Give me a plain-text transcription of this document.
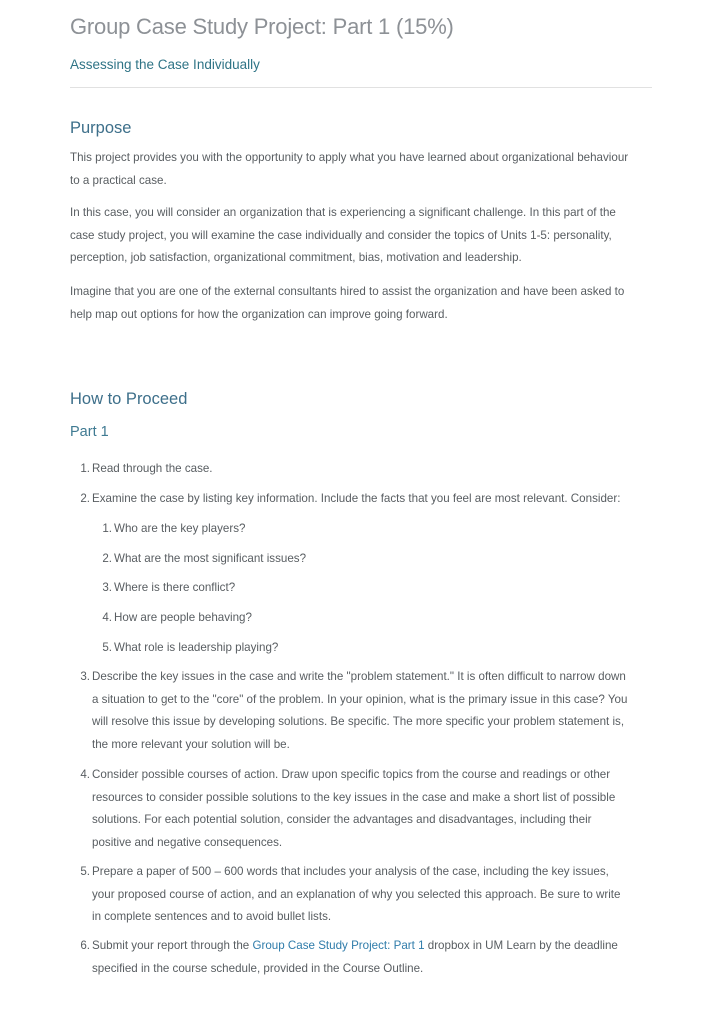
Group Case Study Project: Part 1 (15%)
Assessing the Case Individually
Purpose

This project provides you with the opportunity to apply what you have learned about organizational behaviour to a practical case.

In this case, you will consider an organization that is experiencing a significant challenge. In this part of the case study project, you will examine the case individually and consider the topics of Units 1-5: personality, perception, job satisfaction, organizational commitment, bias, motivation and leadership.

Imagine that you are one of the external consultants hired to assist the organization and have been asked to help map out options for how the organization can improve going forward.

How to Proceed
Part 1
1. Read through the case.
2. Examine the case by listing key information. Include the facts that you feel are most relevant. Consider:
1. Who are the key players?
2. What are the most significant issues?
3. Where is there conflict?
4. How are people behaving?
5. What role is leadership playing?
3. Describe the key issues in the case and write the "problem statement." It is often difficult to narrow down a situation to get to the "core" of the problem. In your opinion, what is the primary issue in this case? You will resolve this issue by developing solutions. Be specific. The more specific your problem statement is, the more relevant your solution will be.
4. Consider possible courses of action. Draw upon specific topics from the course and readings or other resources to consider possible solutions to the key issues in the case and make a short list of possible solutions. For each potential solution, consider the advantages and disadvantages, including their positive and negative consequences.
5. Prepare a paper of 500 – 600 words that includes your analysis of the case, including the key issues, your proposed course of action, and an explanation of why you selected this approach. Be sure to write in complete sentences and to avoid bullet lists.
6. Submit your report through the Group Case Study Project: Part 1 dropbox in UM Learn by the deadline specified in the course schedule, provided in the Course Outline.
